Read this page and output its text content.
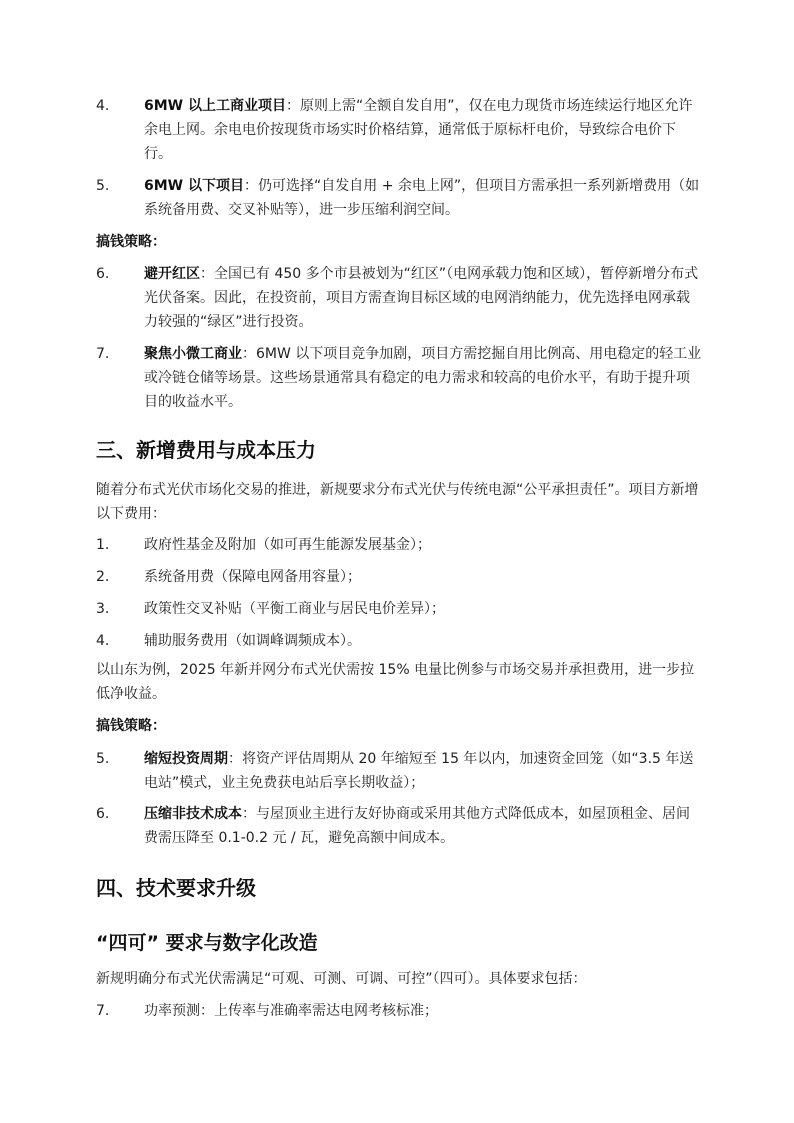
4.	6MW 以上工商业项目：原则上需“全额自发自用”，仅在电力现货市场连续运行地区允许余电上网。余电电价按现货市场实时价格结算，通常低于原标杆电价，导致综合电价下行。
5.	6MW 以下项目：仍可选择“自发自用 + 余电上网”，但项目方需承担一系列新增费用（如系统备用费、交叉补贴等），进一步压缩利润空间。
搞钱策略：
6.	避开红区：全国已有 450 多个市县被划为“红区”（电网承载力饱和区域），暂停新增分布式光伏备案。因此，在投资前，项目方需查询目标区域的电网消纳能力，优先选择电网承载力较强的“绿区”进行投资。
7.	聚焦小微工商业：6MW 以下项目竞争加剧，项目方需挖掘自用比例高、用电稳定的轻工业或冷链仓储等场景。这些场景通常具有稳定的电力需求和较高的电价水平，有助于提升项目的收益水平。
三、新增费用与成本压力
随着分布式光伏市场化交易的推进，新规要求分布式光伏与传统电源“公平承担责任”。项目方新增以下费用：
1.	政府性基金及附加（如可再生能源发展基金）；
2.	系统备用费（保障电网备用容量）；
3.	政策性交叉补贴（平衡工商业与居民电价差异）；
4.	辅助服务费用（如调峰调频成本）。
以山东为例，2025 年新并网分布式光伏需按 15% 电量比例参与市场交易并承担费用，进一步拉低净收益。
搞钱策略：
5.	缩短投资周期：将资产评估周期从 20 年缩短至 15 年以内，加速资金回笼（如“3.5 年送电站”模式，业主免费获电站后享长期收益）；
6.	压缩非技术成本：与屋顶业主进行友好协商或采用其他方式降低成本，如屋顶租金、居间费需压降至 0.1-0.2 元 / 瓦，避免高额中间成本。
四、技术要求升级
“四可” 要求与数字化改造
新规明确分布式光伏需满足“可观、可测、可调、可控”（四可）。具体要求包括：
7.	功率预测：上传率与准确率需达电网考核标准；
